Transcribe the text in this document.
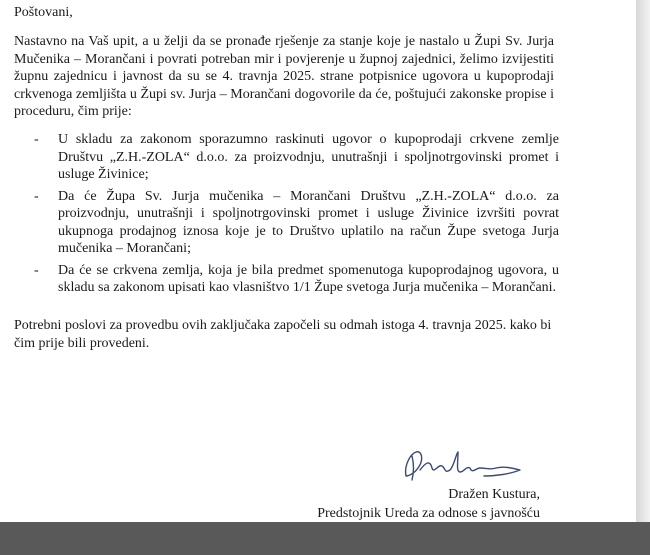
Poštovani,
Nastavno na Vaš upit, a u želji da se pronađe rješenje za stanje koje je nastalo u Župi Sv. Jurja Mučenika – Morančani i povrati potreban mir i povjerenje u župnoj zajednici, želimo izvijestiti župnu zajednicu i javnost da su se 4. travnja 2025. strane potpisnice ugovora u kupoprodaji crkvenoga zemljišta u Župi sv. Jurja – Morančani dogovorile da će, poštujući zakonske propise i proceduru, čim prije:
- U skladu za zakonom sporazumno raskinuti ugovor o kupoprodaji crkvene zemlje Društvu „Z.H.-ZOLA“ d.o.o. za proizvodnju, unutrašnji i spoljnotrgovinski promet i usluge Živinice;
- Da će Župa Sv. Jurja mučenika – Morančani Društvu „Z.H.-ZOLA“ d.o.o. za proizvodnju, unutrašnji i spoljnotrgovinski promet i usluge Živinice izvršiti povrat ukupnoga prodajnog iznosa koje je to Društvo uplatilo na račun Župe svetoga Jurja mučenika – Morančani;
- Da će se crkvena zemlja, koja je bila predmet spomenutoga kupoprodajnog ugovora, u skladu sa zakonom upisati kao vlasništvo 1/1 Župe svetoga Jurja mučenika – Morančani.
Potrebni poslovi za provedbu ovih zaključaka započeli su odmah istoga 4. travnja 2025. kako bi čim prije bili provedeni.
Dražen Kustura,
Predstojnik Ureda za odnose s javnošću
